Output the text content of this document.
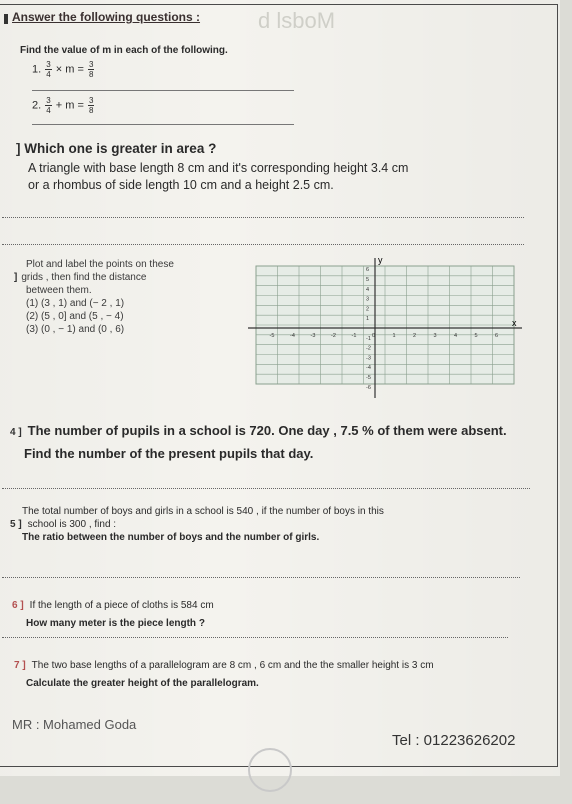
Answer the following questions :	d lsboM
Find the value of m in each of the following.
1. $\frac{3}{4} \times m = \frac{3}{8}$
2. $\frac{3}{4} + m = \frac{3}{8}$
] Which one is greater in area ?
A triangle with base length 8 cm and it's corresponding height 3.4 cm
or a rhombus of side length 10 cm and a height 2.5 cm.
Plot and label the points on these
] grids , then find the distance
between them.
(1) (3 , 1) and (− 2 , 1)
(2) (5 , 0] and (5 , − 4)
(3) (0 , − 1) and (0 , 6)
x
y
-5	-4	-3	-2	-1	0	1	2	3	4	5	6
6
5
4
3
2
1
-1
-2
-3
-4
-5
-6
4 ] The number of pupils in a school is 720. One day , 7.5 % of them were absent.
Find the number of the present pupils that day.
The total number of boys and girls in a school is 540 , if the number of boys in this
5 ] school is 300 , find :
The ratio between the number of boys and the number of girls.
6 ] If the length of a piece of cloths is 584 cm
How many meter is the piece length ?
7 ] The two base lengths of a parallelogram are 8 cm , 6 cm and the the smaller height is 3 cm
Calculate the greater height of the parallelogram.
MR : Mohamed Goda
Tel : 01223626202
